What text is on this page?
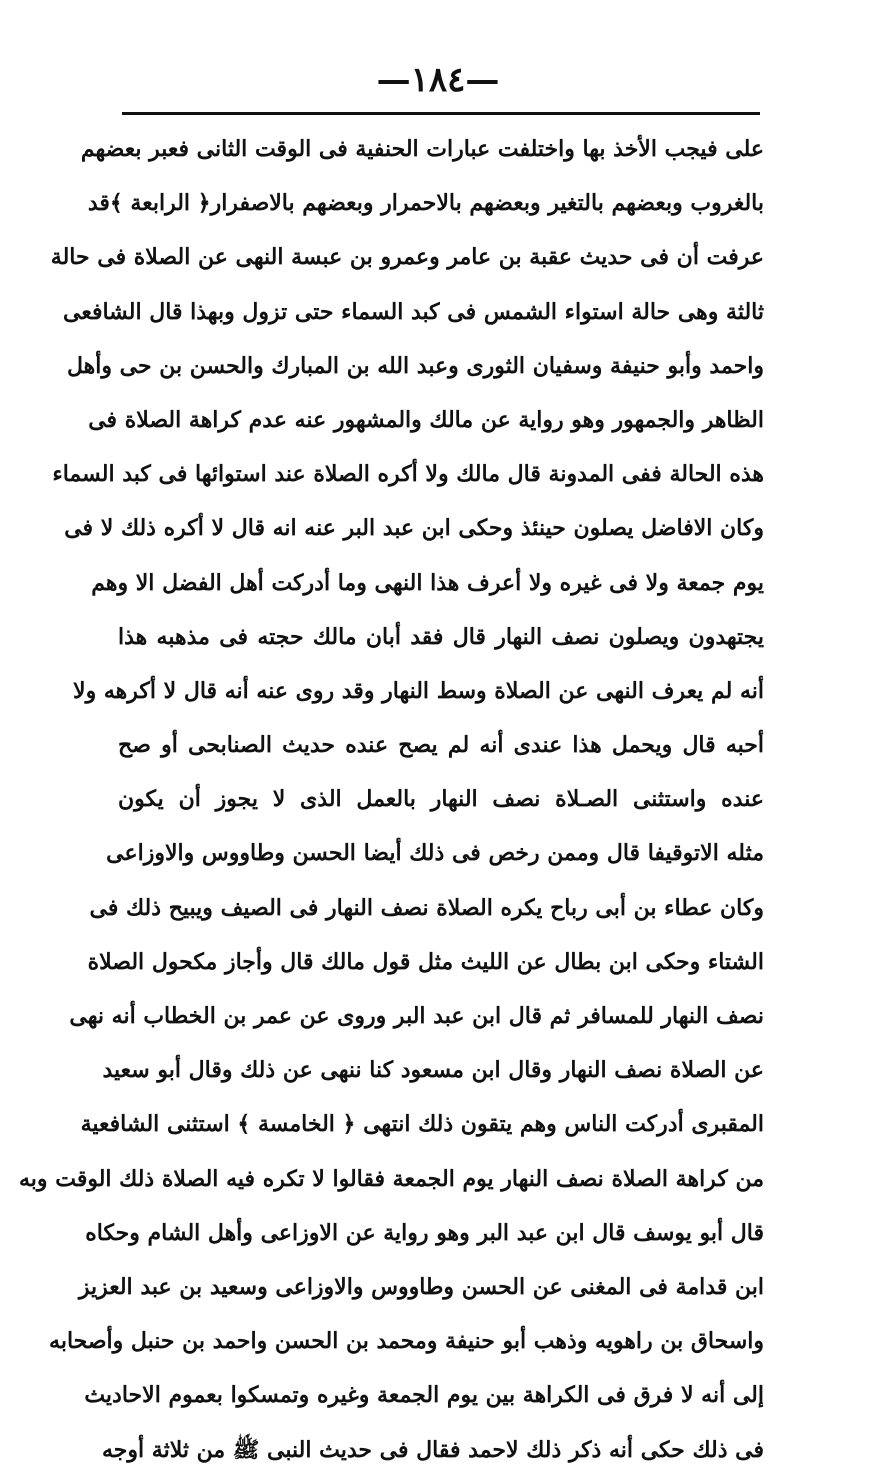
—١٨٤—
على فيجب الأخذ بها واختلفت عبارات الحنفية فى الوقت الثانى فعبر بعضهم
بالغروب وبعضهم بالتغير وبعضهم بالاحمرار وبعضهم بالاصفرار﴿ الرابعة ﴾قد
عرفت أن فى حديث عقبة بن عامر وعمرو بن عبسة النهى عن الصلاة فى حالة
ثالثة وهى حالة استواء الشمس فى كبد السماء حتى تزول وبهذا قال الشافعى
واحمد وأبو حنيفة وسفيان الثورى وعبد الله بن المبارك والحسن بن حى وأهل
الظاهر والجمهور وهو رواية عن مالك والمشهور عنه عدم كراهة الصلاة فى
هذه الحالة ففى المدونة قال مالك ولا أكره الصلاة عند استوائها فى كبد السماء
وكان الافاضل يصلون حينئذ وحكى ابن عبد البر عنه انه قال لا أكره ذلك لا فى
يوم جمعة ولا فى غيره ولا أعرف هذا النهى وما أدركت أهل الفضل الا وهم
يجتهدون ويصلون نصف النهار قال فقد أبان مالك حجته فى مذهبه هذا
أنه لم يعرف النهى عن الصلاة وسط النهار وقد روى عنه أنه قال لا أكرهه ولا
أحبه قال ويحمل هذا عندى أنه لم يصح عنده حديث الصنابحى أو صح
عنده واستثنى الصـلاة نصف النهار بالعمل الذى لا يجوز أن يكون
مثله الاتوقيفا قال وممن رخص فى ذلك أيضا الحسن وطاووس والاوزاعى
وكان عطاء بن أبى رباح يكره الصلاة نصف النهار فى الصيف ويبيح ذلك فى
الشتاء وحكى ابن بطال عن الليث مثل قول مالك قال وأجاز مكحول الصلاة
نصف النهار للمسافر ثم قال ابن عبد البر وروى عن عمر بن الخطاب أنه نهى
عن الصلاة نصف النهار وقال ابن مسعود كنا ننهى عن ذلك وقال أبو سعيد
المقبرى أدركت الناس وهم يتقون ذلك انتهى ﴿ الخامسة ﴾ استثنى الشافعية
من كراهة الصلاة نصف النهار يوم الجمعة فقالوا لا تكره فيه الصلاة ذلك الوقت وبه
قال أبو يوسف قال ابن عبد البر وهو رواية عن الاوزاعى وأهل الشام وحكاه
ابن قدامة فى المغنى عن الحسن وطاووس والاوزاعى وسعيد بن عبد العزيز
واسحاق بن راهويه وذهب أبو حنيفة ومحمد بن الحسن واحمد بن حنبل وأصحابه
إلى أنه لا فرق فى الكراهة بين يوم الجمعة وغيره وتمسكوا بعموم الاحاديث
فى ذلك حكى أنه ذكر ذلك لاحمد فقال فى حديث النبى ﷺ من ثلاثة أوجه
